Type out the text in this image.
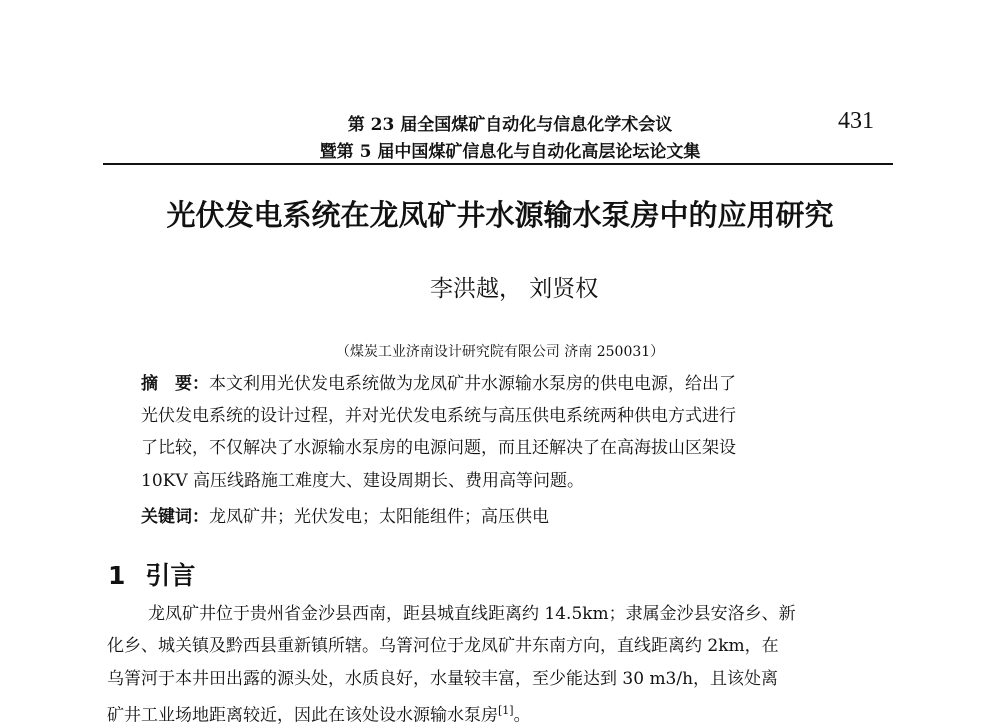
第 23 届全国煤矿自动化与信息化学术会议
暨第 5 届中国煤矿信息化与自动化高层论坛论文集
431
光伏发电系统在龙凤矿井水源输水泵房中的应用研究
李洪越， 刘贤权
（煤炭工业济南设计研究院有限公司 济南 250031）
摘　要：本文利用光伏发电系统做为龙凤矿井水源输水泵房的供电电源，给出了
光伏发电系统的设计过程，并对光伏发电系统与高压供电系统两种供电方式进行
了比较，不仅解决了水源输水泵房的电源问题，而且还解决了在高海拔山区架设
10KV 高压线路施工难度大、建设周期长、费用高等问题。
关键词：龙凤矿井；光伏发电；太阳能组件；高压供电
1 引言
龙凤矿井位于贵州省金沙县西南，距县城直线距离约 14.5km；隶属金沙县安洛乡、新
化乡、城关镇及黔西县重新镇所辖。乌箐河位于龙凤矿井东南方向，直线距离约 2km，在
乌箐河于本井田出露的源头处，水质良好，水量较丰富，至少能达到 30 m3/h，且该处离
矿井工业场地距离较近，因此在该处设水源输水泵房[1]。
